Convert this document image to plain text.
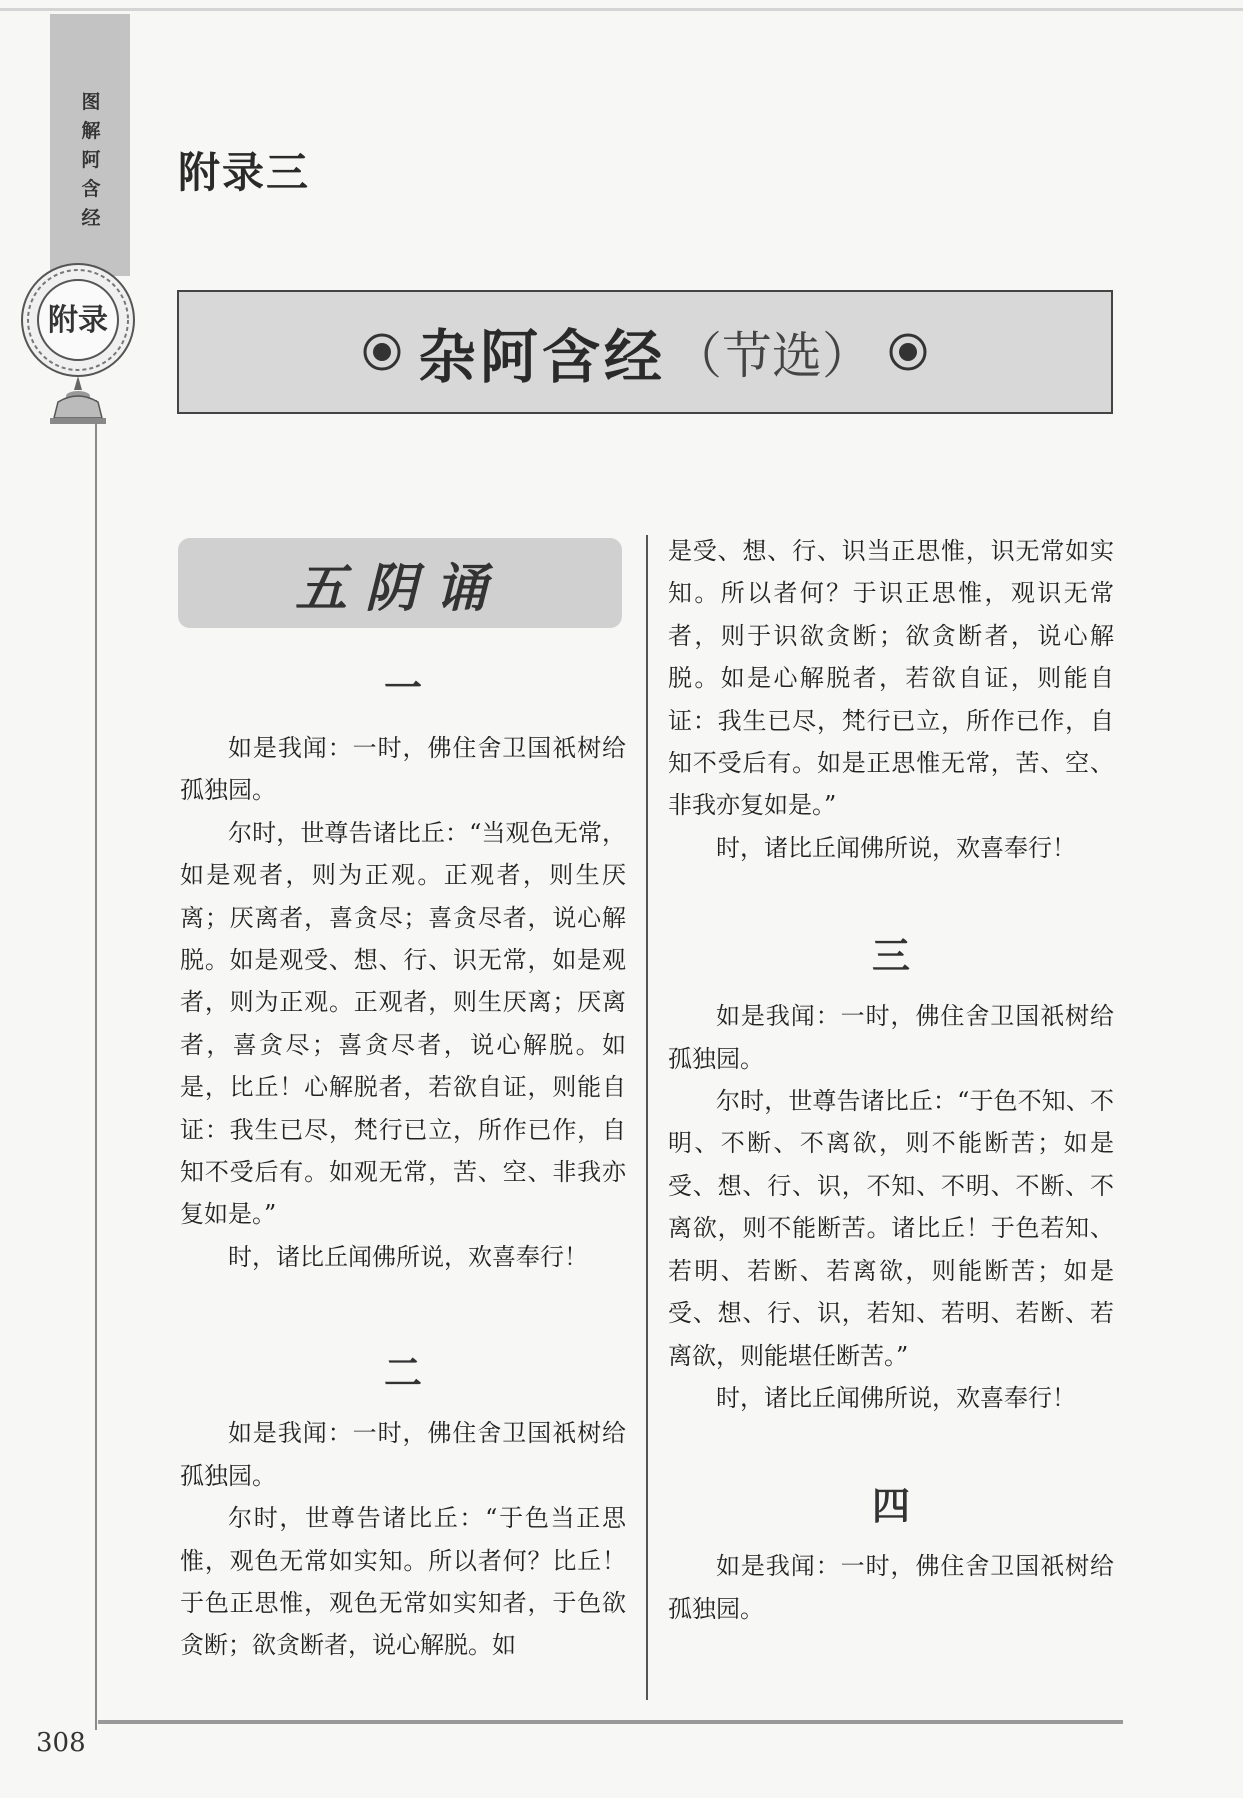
图
解
阿
含
经
附录
附录三
杂阿含经 （节选）
五阴诵

一

如是我闻：一时，佛住舍卫国祇树给孤独园。

尔时，世尊告诸比丘：“当观色无常，如是观者，则为正观。正观者，则生厌离；厌离者，喜贪尽；喜贪尽者，说心解脱。如是观受、想、行、识无常，如是观者，则为正观。正观者，则生厌离；厌离者，喜贪尽；喜贪尽者，说心解脱。如是，比丘！心解脱者，若欲自证，则能自证：我生已尽，梵行已立，所作已作，自知不受后有。如观无常，苦、空、非我亦复如是。”

时，诸比丘闻佛所说，欢喜奉行！

二

如是我闻：一时，佛住舍卫国祇树给孤独园。

尔时，世尊告诸比丘：“于色当正思惟，观色无常如实知。所以者何？比丘！于色正思惟，观色无常如实知者，于色欲贪断；欲贪断者，说心解脱。如

是受、想、行、识当正思惟，识无常如实知。所以者何？于识正思惟，观识无常者，则于识欲贪断；欲贪断者，说心解脱。如是心解脱者，若欲自证，则能自证：我生已尽，梵行已立，所作已作，自知不受后有。如是正思惟无常，苦、空、非我亦复如是。”

时，诸比丘闻佛所说，欢喜奉行！

三

如是我闻：一时，佛住舍卫国祇树给孤独园。

尔时，世尊告诸比丘：“于色不知、不明、不断、不离欲，则不能断苦；如是受、想、行、识，不知、不明、不断、不离欲，则不能断苦。诸比丘！于色若知、若明、若断、若离欲，则能断苦；如是受、想、行、识，若知、若明、若断、若离欲，则能堪任断苦。”

时，诸比丘闻佛所说，欢喜奉行！

四

如是我闻：一时，佛住舍卫国祇树给孤独园。

308
